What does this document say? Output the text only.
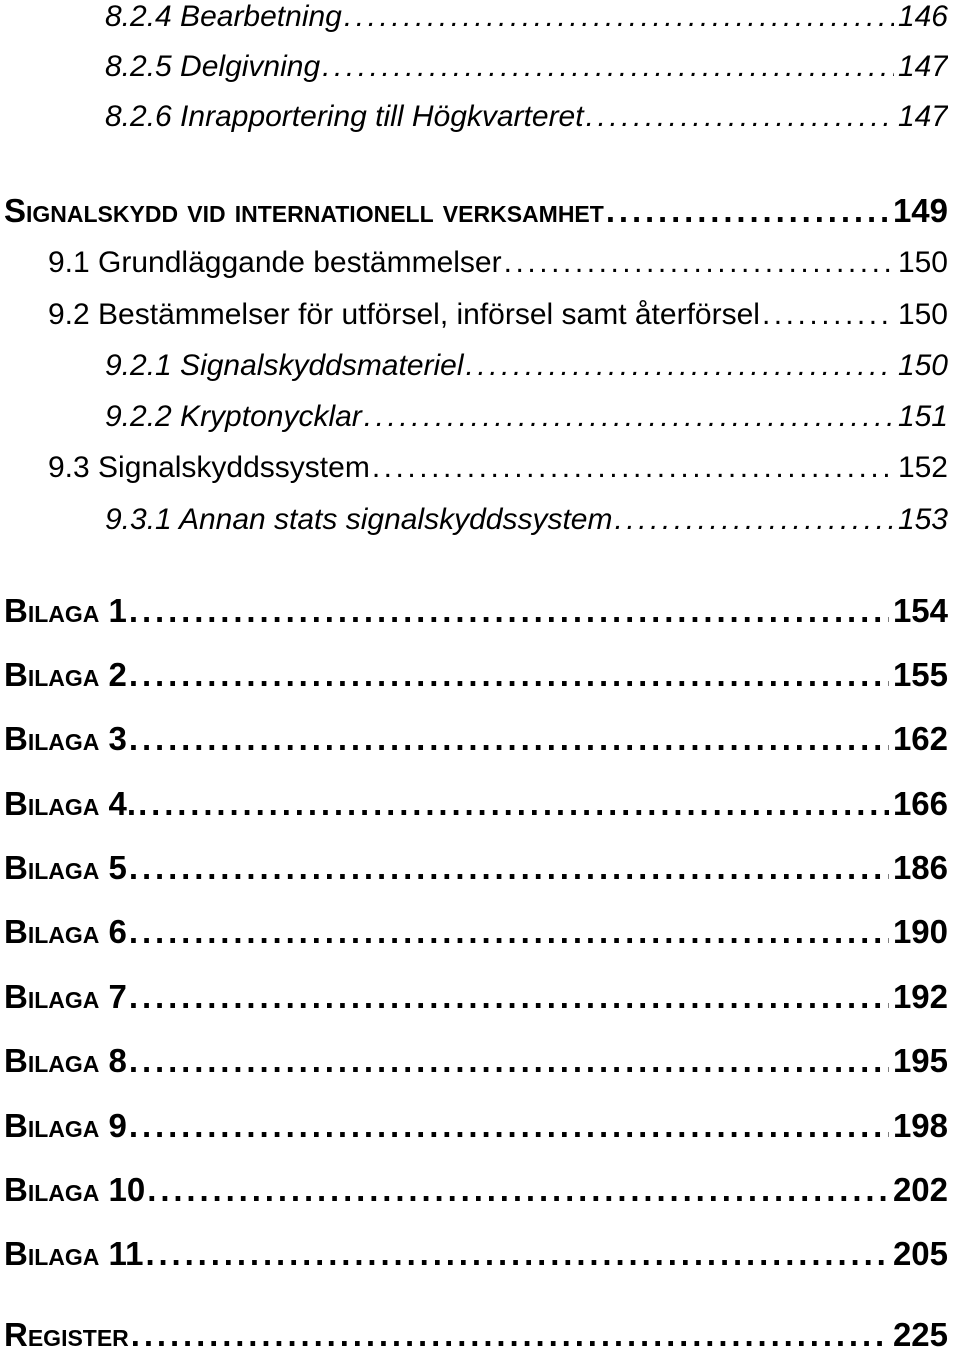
8.2.4 Bearbetning . . .	146
8.2.5 Delgivning . . .	147
8.2.6 Inrapportering till Högkvarteret . . .	147
Signalskydd vid internationell verksamhet . . .	149
9.1 Grundläggande bestämmelser . . .	150
9.2 Bestämmelser för utförsel, införsel samt återförsel . . .	150
9.2.1 Signalskyddsmateriel . . .	150
9.2.2 Kryptonycklar . . .	151
9.3 Signalskyddssystem . . .	152
9.3.1 Annan stats signalskyddssystem . . .	153
Bilaga 1 . . .	154
Bilaga 2 . . .	155
Bilaga 3 . . .	162
Bilaga 4. . . .	166
Bilaga 5 . . .	186
Bilaga 6 . . .	190
Bilaga 7 . . .	192
Bilaga 8 . . .	195
Bilaga 9 . . .	198
Bilaga 10 . . .	202
Bilaga 11 . . .	205
Register . . .	225
